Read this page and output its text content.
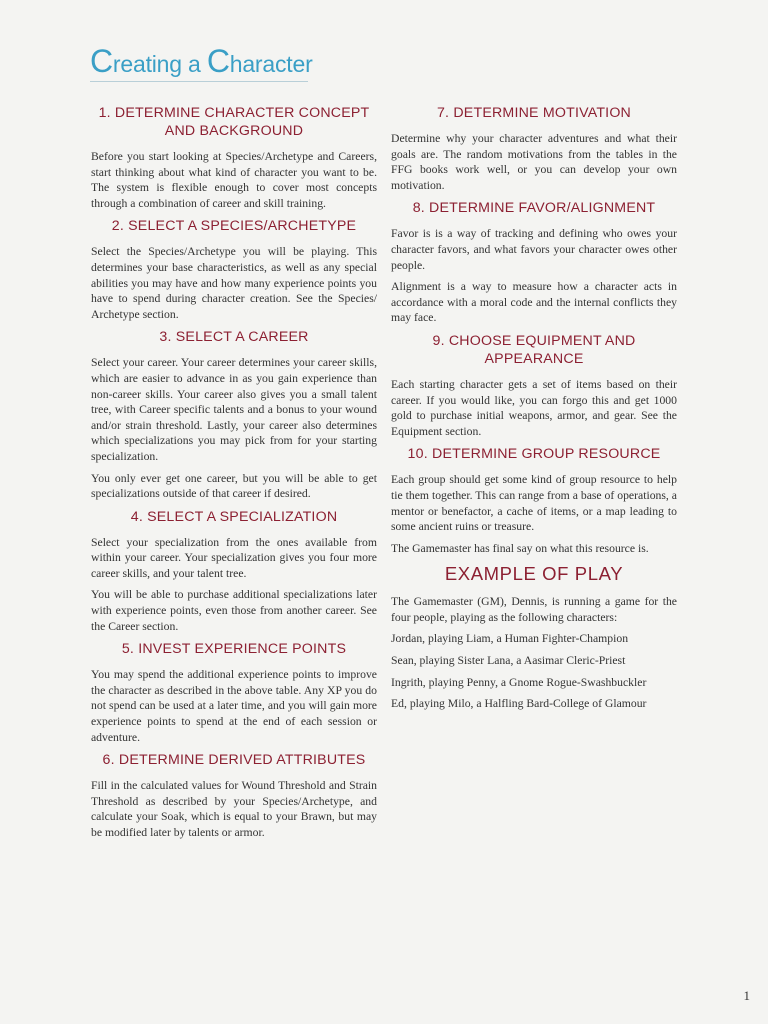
Creating a Character
1. DETERMINE CHARACTER CONCEPT AND BACKGROUND

Before you start looking at Species/Archetype and Careers, start thinking about what kind of character you want to be. The system is flexible enough to cover most concepts through a combination of career and skill training.

2. SELECT A SPECIES/ARCHETYPE

Select the Species/Archetype you will be playing. This determines your base characteristics, as well as any special abilities you may have and how many experience points you have to spend during character creation. See the Species/ Archetype section.

3. SELECT A CAREER

Select your career. Your career determines your career skills, which are easier to advance in as you gain experience than non-career skills. Your career also gives you a small talent tree, with Career specific talents and a bonus to your wound and/or strain threshold. Lastly, your career also determines which specializations you may pick from for your starting specialization.

You only ever get one career, but you will be able to get specializations outside of that career if desired.

4. SELECT A SPECIALIZATION

Select your specialization from the ones available from within your career. Your specialization gives you four more career skills, and your talent tree.

You will be able to purchase additional specializations later with experience points, even those from another career. See the Career section.

5. INVEST EXPERIENCE POINTS

You may spend the additional experience points to improve the character as described in the above table. Any XP you do not spend can be used at a later time, and you will gain more experience points to spend at the end of each session or adventure.

6. DETERMINE DERIVED ATTRIBUTES

Fill in the calculated values for Wound Threshold and Strain Threshold as described by your Species/Archetype, and calculate your Soak, which is equal to your Brawn, but may be modified later by talents or armor.

7. DETERMINE MOTIVATION

Determine why your character adventures and what their goals are. The random motivations from the tables in the FFG books work well, or you can develop your own motivation.

8. DETERMINE FAVOR/ALIGNMENT

Favor is is a way of tracking and defining who owes your character favors, and what favors your character owes other people.

Alignment is a way to measure how a character acts in accordance with a moral code and the internal conflicts they may face.

9. CHOOSE EQUIPMENT AND APPEARANCE

Each starting character gets a set of items based on their career. If you would like, you can forgo this and get 1000 gold to purchase initial weapons, armor, and gear. See the Equipment section.

10. DETERMINE GROUP RESOURCE

Each group should get some kind of group resource to help tie them together. This can range from a base of operations, a mentor or benefactor, a cache of items, or a map leading to some ancient ruins or treasure.

The Gamemaster has final say on what this resource is.

EXAMPLE OF PLAY

The Gamemaster (GM), Dennis, is running a game for the four people, playing as the following characters:

Jordan, playing Liam, a Human Fighter-Champion

Sean, playing Sister Lana, a Aasimar Cleric-Priest

Ingrith, playing Penny, a Gnome Rogue-Swashbuckler

Ed, playing Milo, a Halfling Bard-College of Glamour

1
